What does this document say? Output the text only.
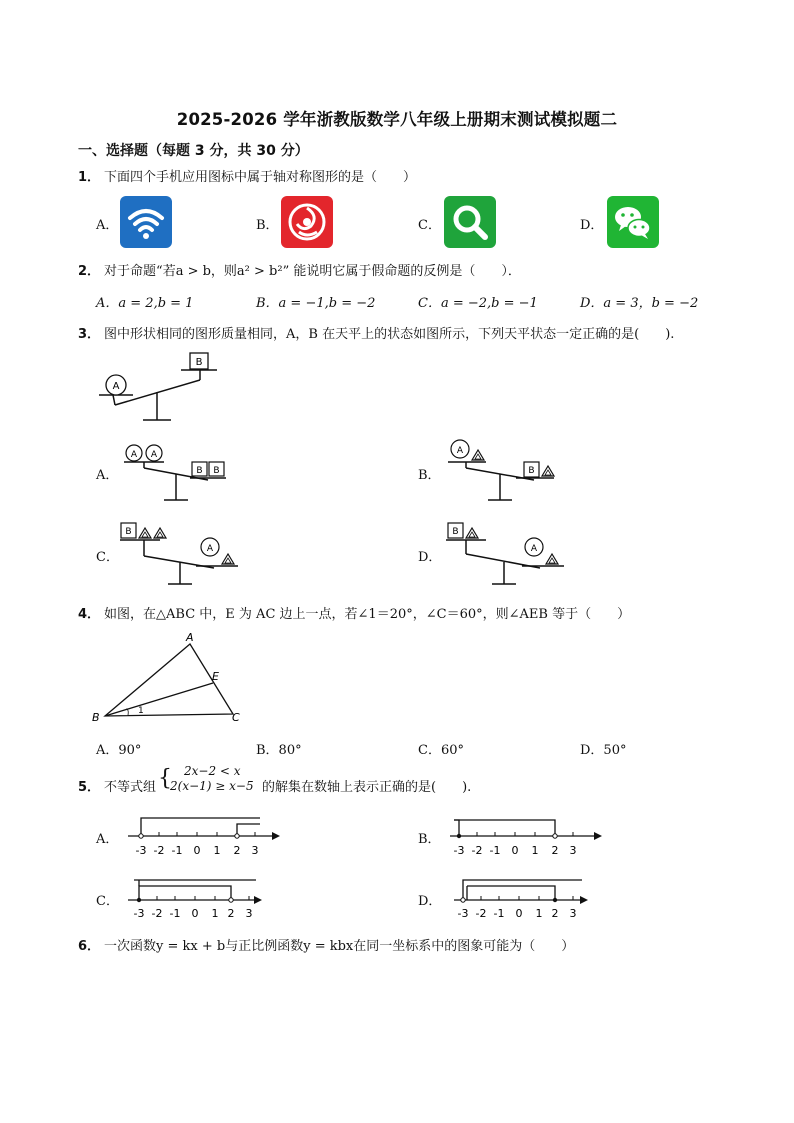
2025-2026 学年浙教版数学八年级上册期末测试模拟题二
一、选择题（每题 3 分，共 30 分）
1． 下面四个手机应用图标中属于轴对称图形的是（　　）
A．	B．	C．	D．
2． 对于命题“若a > b，则a² > b²” 能说明它属于假命题的反例是（　　）．
A．a = 2,b = 1	B．a = −1,b = −2	C．a = −2,b = −1	D．a = 3，b = −2
3． 图中形状相同的图形质量相同，A，B 在天平上的状态如图所示，下列天平状态一定正确的是(　　).
A
B
A．
A A
B B	B．
A
B
C．
B
A
D．
B
A
4． 如图，在△ABC 中，E 为 AC 边上一点，若∠1＝20°，∠C＝60°，则∠AEB 等于（　　）
A
B	C
E
1
A．90°	B．80°	C．60°	D．50°
5． 不等式组 {	2x−2 < x
2(x−1) ≥ x−5 的解集在数轴上表示正确的是(　　).
A．
-3 -2 -1 0 1 2 3
B．
-3 -2 -1 0 1 2 3
C．
-3 -2 -1 0 1 2 3
D．
-3 -2 -1 0 1 2 3
6． 一次函数y = kx + b与正比例函数y = kbx在同一坐标系中的图象可能为（　　）
